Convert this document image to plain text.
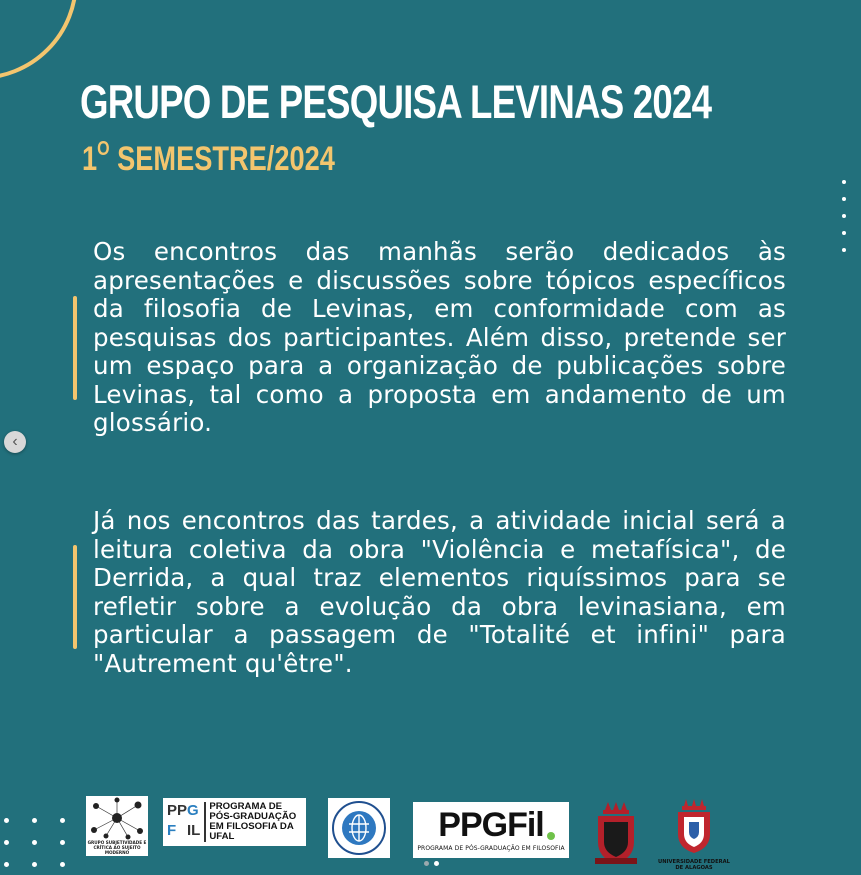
GRUPO DE PESQUISA LEVINAS 2024
$1^O$ SEMESTRE/2024

Os encontros das manhãs serão dedicados às apresentações e discussões sobre tópicos específicos da filosofia de Levinas, em conformidade com as pesquisas dos participantes. Além disso, pretende ser um espaço para a organização de publicações sobre Levinas, tal como a proposta em andamento de um glossário.

Já nos encontros das tardes, a atividade inicial será a leitura coletiva da obra "Violência e metafísica", de Derrida, a qual traz elementos riquíssimos para se refletir sobre a evolução da obra levinasiana, em particular a passagem de "Totalité et infini" para "Autrement qu'être".

‹
GRUPO SUBJETIVIDADE E
CRÍTICA AO SUJEITO
MODERNO
PP G
F IL
PROGRAMA DE
PÓS-GRADUAÇÃO
EM FILOSOFIA DA UFAL	PPGFil
PROGRAMA DE PÓS-GRADUAÇÃO EM FILOSOFIA
UNIVERSIDADE FEDERAL
DE ALAGOAS
